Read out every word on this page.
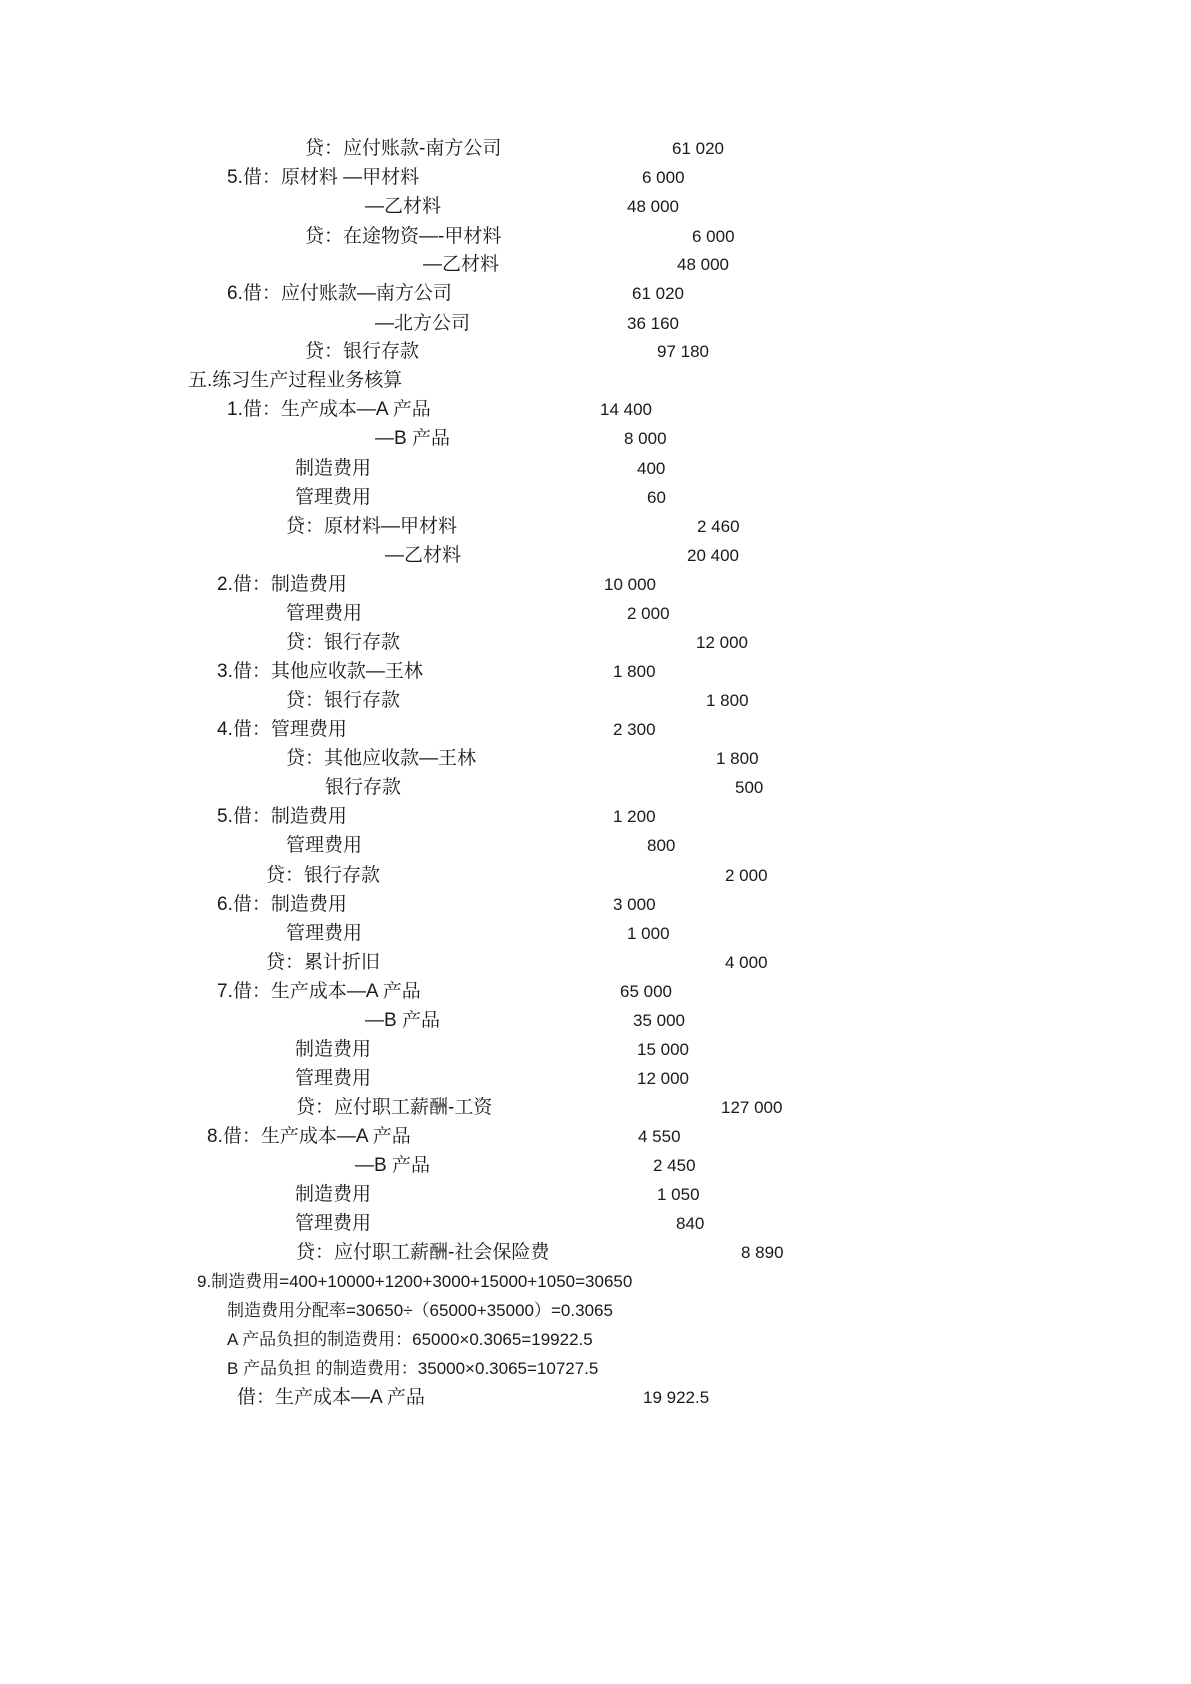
贷：应付账款-南方公司	61 020
5.借：原材料 —甲材料	6 000
—乙材料	48 000
贷：在途物资—-甲材料	6 000
—乙材料	48 000
6.借：应付账款—南方公司	61 020
—北方公司	36 160
贷：银行存款	97 180
五.练习生产过程业务核算
1.借：生产成本—A 产品	14 400
—B 产品	8 000
制造费用	400
管理费用	60
贷：原材料—甲材料	2 460
—乙材料	20 400
2.借：制造费用	10 000
管理费用	2 000
贷：银行存款	12 000
3.借：其他应收款—王林	1 800
贷：银行存款	1 800
4.借：管理费用	2 300
贷：其他应收款—王林	1 800
银行存款	500
5.借：制造费用	1 200
管理费用	800
贷：银行存款	2 000
6.借：制造费用	3 000
管理费用	1 000
贷：累计折旧	4 000
7.借：生产成本—A 产品	65 000
—B 产品	35 000
制造费用	15 000
管理费用	12 000
贷：应付职工薪酬-工资	127 000
8.借：生产成本—A 产品	4 550
—B 产品	2 450
制造费用	1 050
管理费用	840
贷：应付职工薪酬-社会保险费	8 890
9.制造费用=400+10000+1200+3000+15000+1050=30650
制造费用分配率=30650÷（65000+35000）=0.3065
A 产品负担的制造费用：65000×0.3065=19922.5
B 产品负担 的制造费用：35000×0.3065=10727.5
借：生产成本—A 产品	19 922.5
